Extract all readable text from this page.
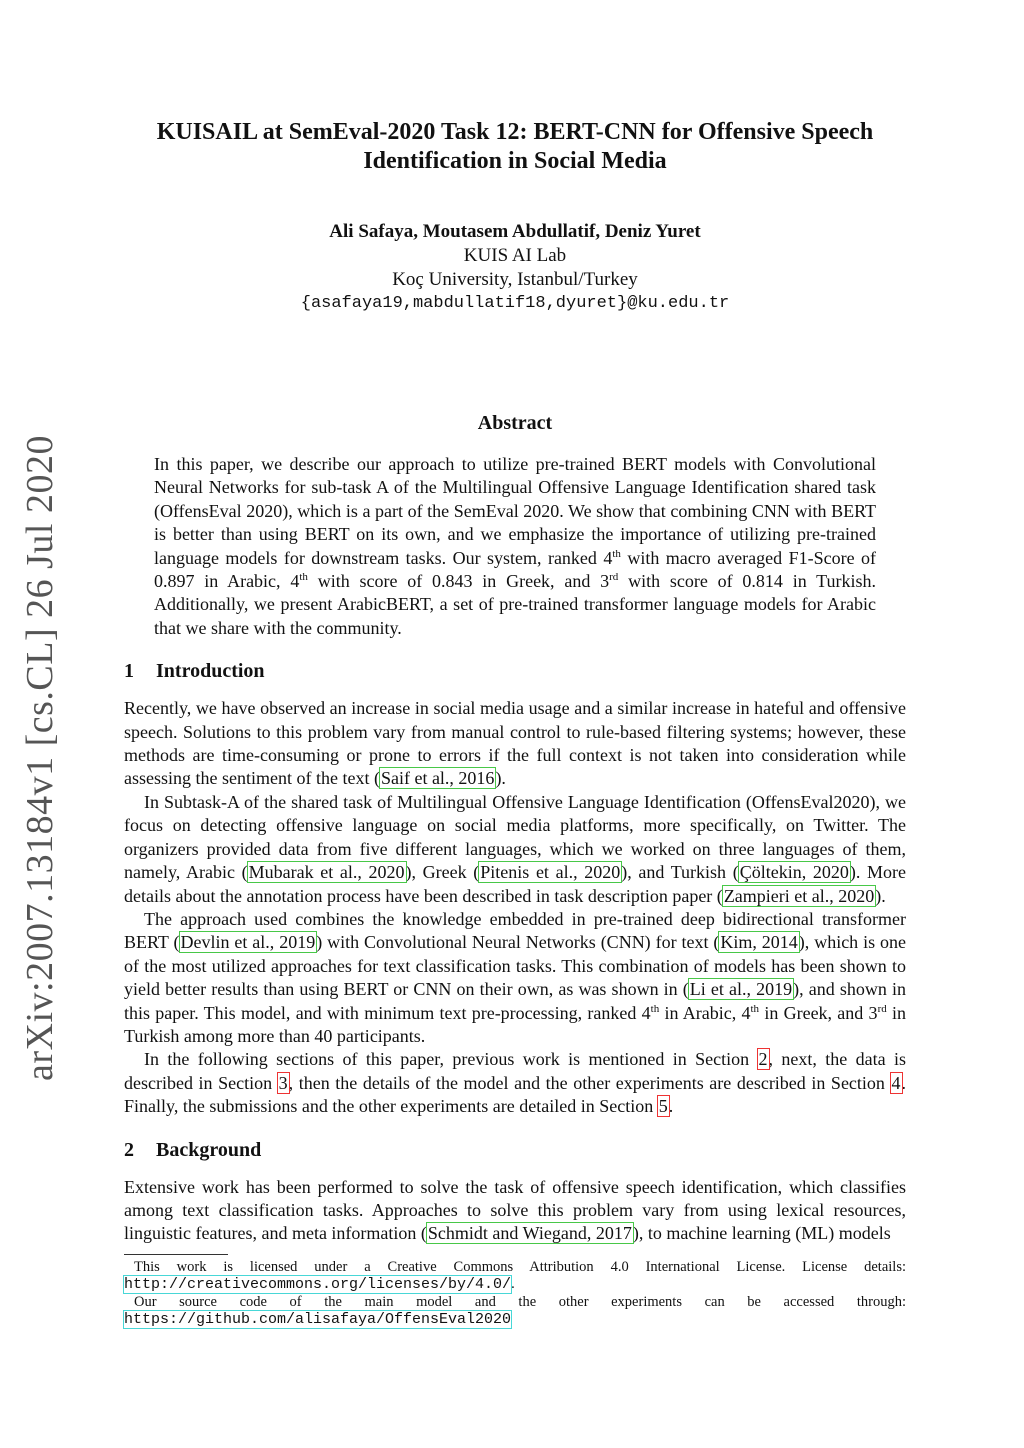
arXiv:2007.13184v1 [cs.CL] 26 Jul 2020
KUISAIL at SemEval-2020 Task 12: BERT-CNN for Offensive Speech
Identification in Social Media
Ali Safaya, Moutasem Abdullatif, Deniz Yuret
KUIS AI Lab
Koç University, Istanbul/Turkey
{asafaya19,mabdullatif18,dyuret}@ku.edu.tr
Abstract
In this paper, we describe our approach to utilize pre-trained BERT models with Convolutional Neural Networks for sub-task A of the Multilingual Offensive Language Identification shared task (OffensEval 2020), which is a part of the SemEval 2020. We show that combining CNN with BERT is better than using BERT on its own, and we emphasize the importance of utilizing pre-trained language models for downstream tasks. Our system, ranked 4th with macro averaged F1-Score of 0.897 in Arabic, 4th with score of 0.843 in Greek, and 3rd with score of 0.814 in Turkish. Additionally, we present ArabicBERT, a set of pre-trained transformer language models for Arabic that we share with the community.
1 Introduction

Recently, we have observed an increase in social media usage and a similar increase in hateful and offensive speech. Solutions to this problem vary from manual control to rule-based filtering systems; however, these methods are time-consuming or prone to errors if the full context is not taken into consideration while assessing the sentiment of the text (Saif et al., 2016).

In Subtask-A of the shared task of Multilingual Offensive Language Identification (OffensEval2020), we focus on detecting offensive language on social media platforms, more specifically, on Twitter. The organizers provided data from five different languages, which we worked on three languages of them, namely, Arabic (Mubarak et al., 2020), Greek (Pitenis et al., 2020), and Turkish (Çöltekin, 2020). More details about the annotation process have been described in task description paper (Zampieri et al., 2020).

The approach used combines the knowledge embedded in pre-trained deep bidirectional transformer BERT (Devlin et al., 2019) with Convolutional Neural Networks (CNN) for text (Kim, 2014), which is one of the most utilized approaches for text classification tasks. This combination of models has been shown to yield better results than using BERT or CNN on their own, as was shown in (Li et al., 2019), and shown in this paper. This model, and with minimum text pre-processing, ranked 4th in Arabic, 4th in Greek, and 3rd in Turkish among more than 40 participants.

In the following sections of this paper, previous work is mentioned in Section 2, next, the data is described in Section 3, then the details of the model and the other experiments are described in Section 4. Finally, the submissions and the other experiments are detailed in Section 5.

2 Background

Extensive work has been performed to solve the task of offensive speech identification, which classifies among text classification tasks. Approaches to solve this problem vary from using lexical resources, linguistic features, and meta information (Schmidt and Wiegand, 2017), to machine learning (ML) models

This work is licensed under a Creative Commons Attribution 4.0 International License. License details: http://creativecommons.org/licenses/by/4.0/.

Our source code of the main model and the other experiments can be accessed through: https://github.com/alisafaya/OffensEval2020
